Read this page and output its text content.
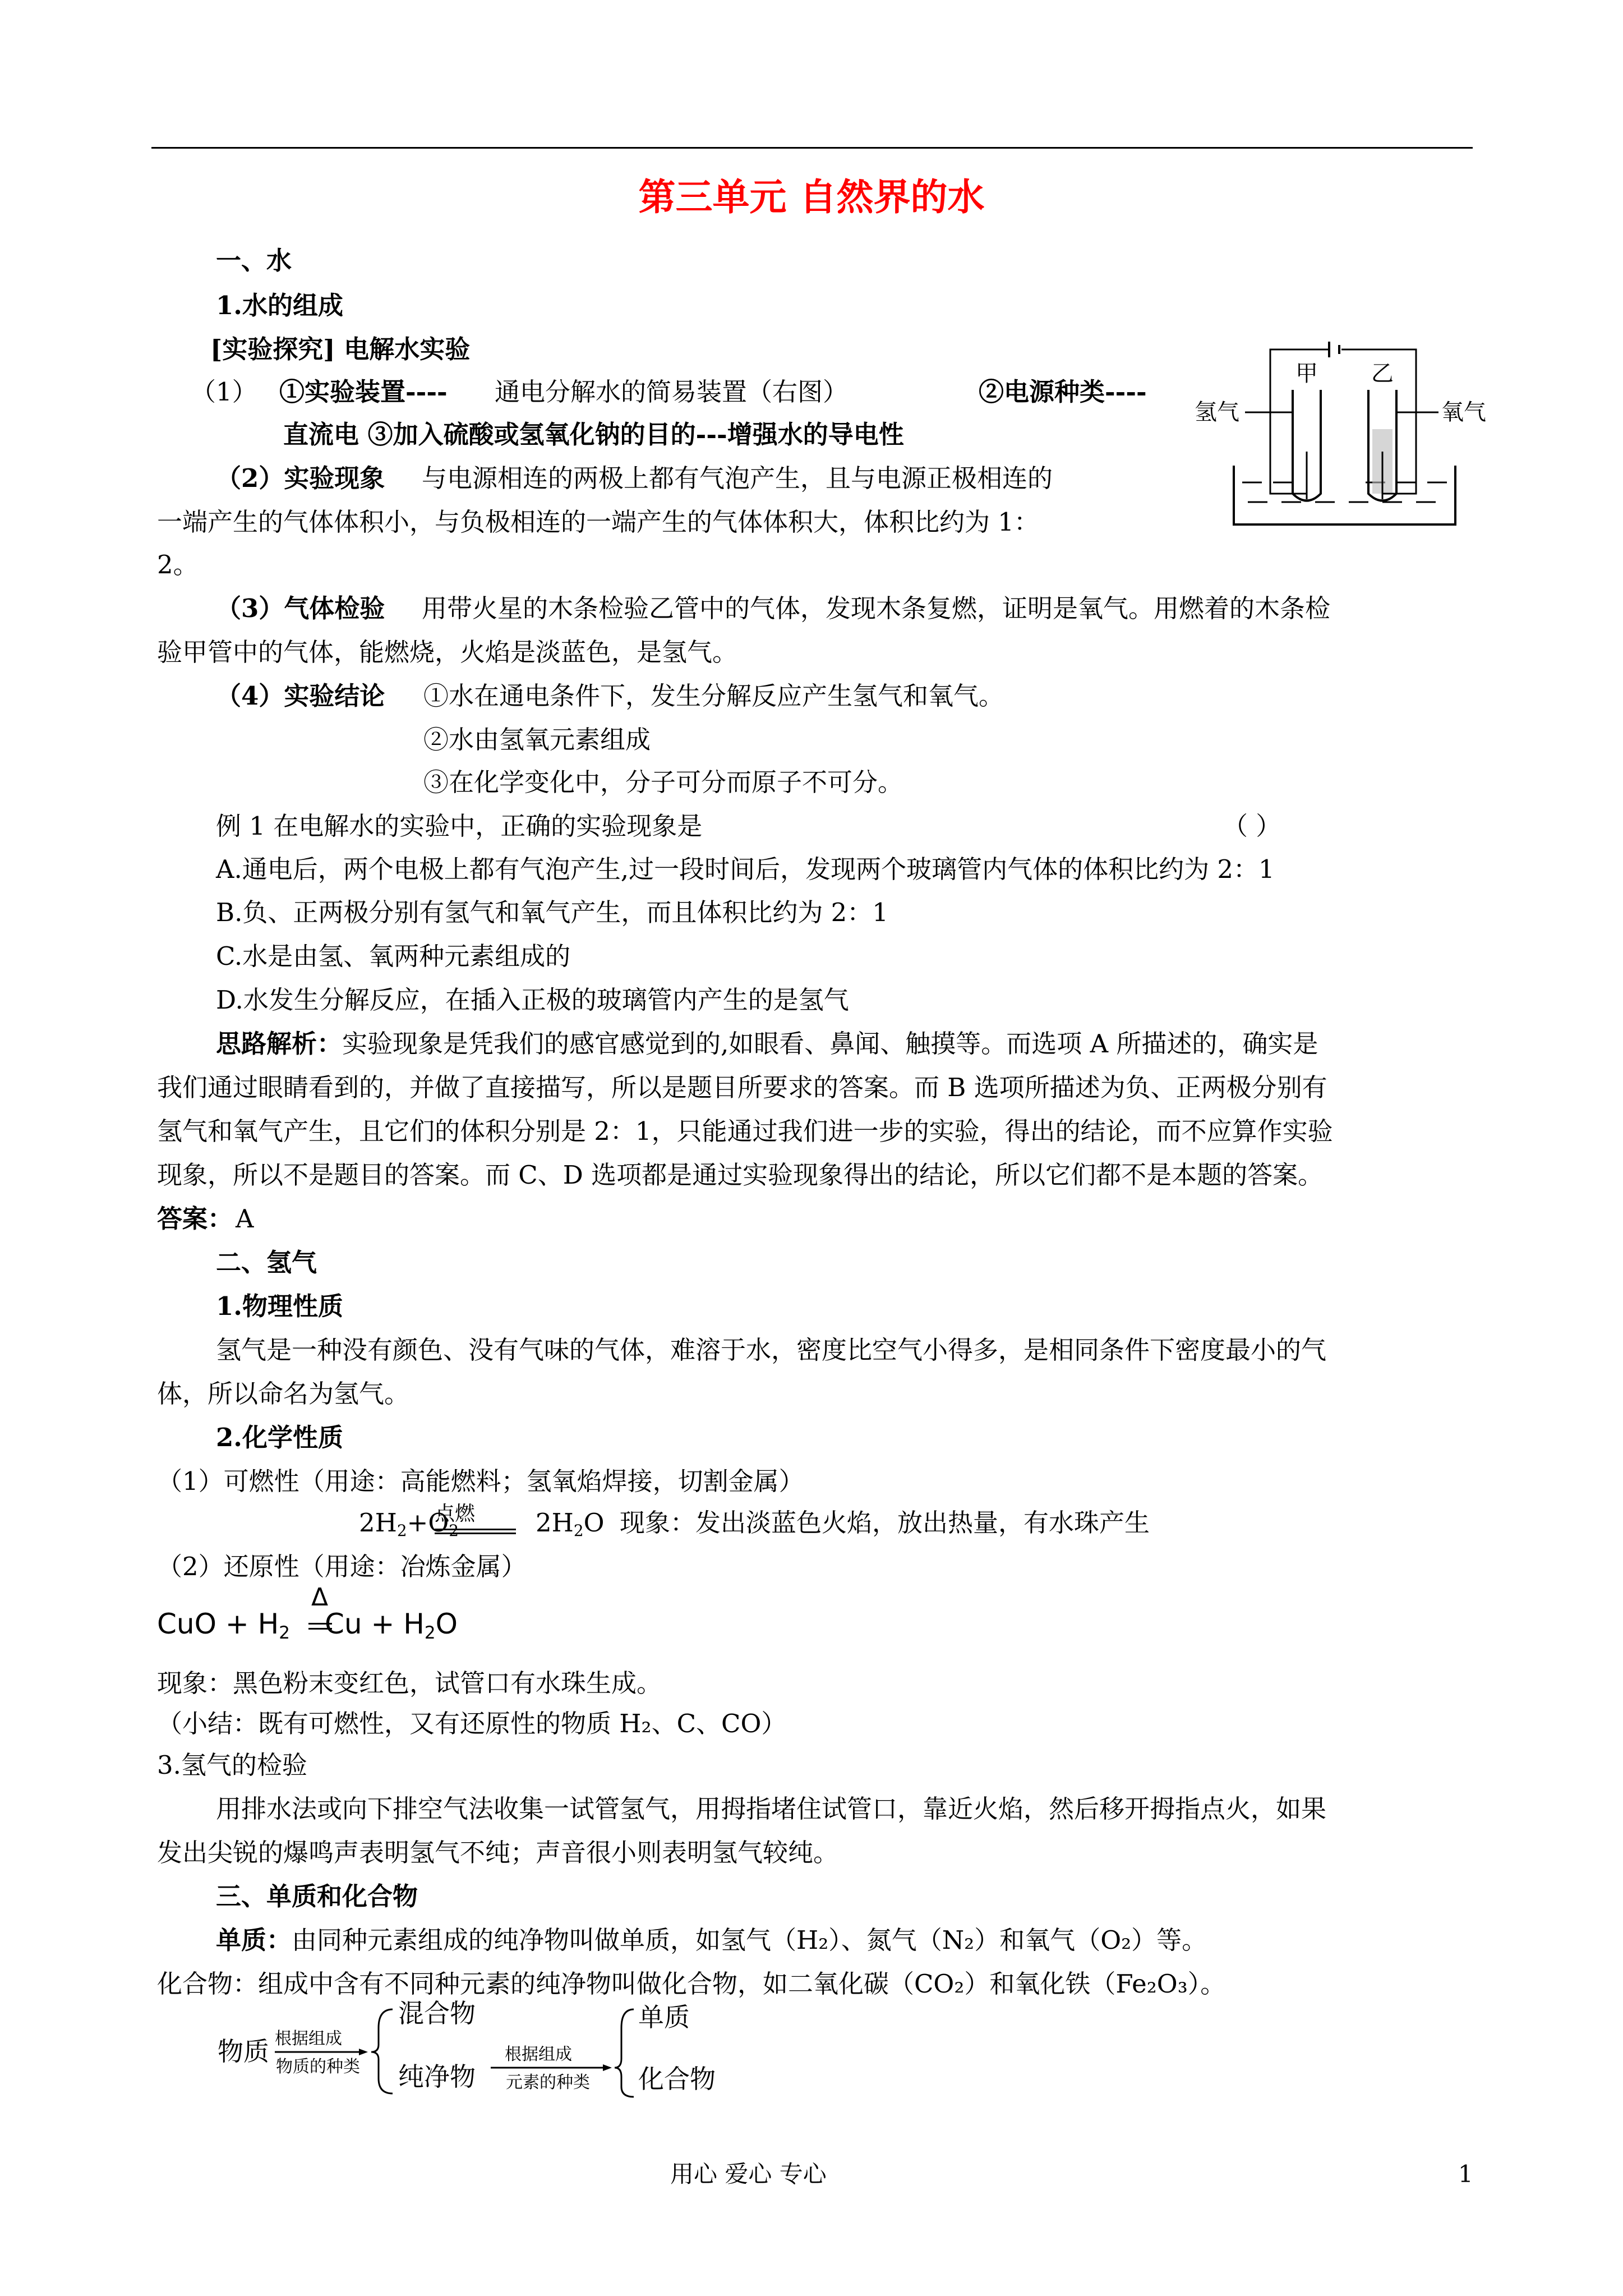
第三单元 自然界的水
一、水
1.水的组成
[实验探究] 电解水实验
（1） ①实验装置---- 通电分解水的简易装置（右图）	②电源种类----
直流电 ③加入硫酸或氢氧化钠的目的---增强水的导电性
（2）实验现象 与电源相连的两极上都有气泡产生，且与电源正极相连的
一端产生的气体体积小，与负极相连的一端产生的气体体积大，体积比约为 1：
2。
（3）气体检验 用带火星的木条检验乙管中的气体，发现木条复燃，证明是氧气。用燃着的木条检
验甲管中的气体，能燃烧，火焰是淡蓝色，是氢气。
（4）实验结论 ①水在通电条件下，发生分解反应产生氢气和氧气。
②水由氢氧元素组成
③在化学变化中，分子可分而原子不可分。
氢气	氧气
甲 乙
例 1 在电解水的实验中，正确的实验现象是	（ ）
A.通电后，两个电极上都有气泡产生,过一段时间后，发现两个玻璃管内气体的体积比约为 2：1
B.负、正两极分别有氢气和氧气产生，而且体积比约为 2：1
C.水是由氢、氧两种元素组成的
D.水发生分解反应，在插入正极的玻璃管内产生的是氢气
思路解析： 实验现象是凭我们的感官感觉到的,如眼看、鼻闻、触摸等。而选项 A 所描述的，确实是
我们通过眼睛看到的，并做了直接描写，所以是题目所要求的答案。而 B 选项所描述为负、正两极分别有
氢气和氧气产生，且它们的体积分别是 2：1，只能通过我们进一步的实验，得出的结论，而不应算作实验
现象，所以不是题目的答案。而 C、D 选项都是通过实验现象得出的结论，所以它们都不是本题的答案。
答案： A
二、氢气
1.物理性质
氢气是一种没有颜色、没有气味的气体，难溶于水，密度比空气小得多，是相同条件下密度最小的气
体，所以命名为氢气。
2.化学性质
（1）可燃性（用途：高能燃料；氢氧焰焊接，切割金属）
2H2+O2
点燃 2H2O 现象：发出淡蓝色火焰，放出热量，有水珠产生
（2）还原性（用途：冶炼金属）
CuO + H2 Cu + H2O
Δ
现象：黑色粉末变红色，试管口有水珠生成。
（小结：既有可燃性，又有还原性的物质 H₂、C、CO）
3.氢气的检验
用排水法或向下排空气法收集一试管氢气，用拇指堵住试管口，靠近火焰，然后移开拇指点火，如果
发出尖锐的爆鸣声表明氢气不纯；声音很小则表明氢气较纯。
三、单质和化合物
单质： 由同种元素组成的纯净物叫做单质，如氢气（H₂）、氮气（N₂）和氧气（O₂）等。
化合物：组成中含有不同种元素的纯净物叫做化合物，如二氧化碳（CO₂）和氧化铁（Fe₂O₃）。
物质 根据组成
物质的种类
混合物
纯净物
根据组成
元素的种类
单质
化合物
用心 爱心 专心	1
